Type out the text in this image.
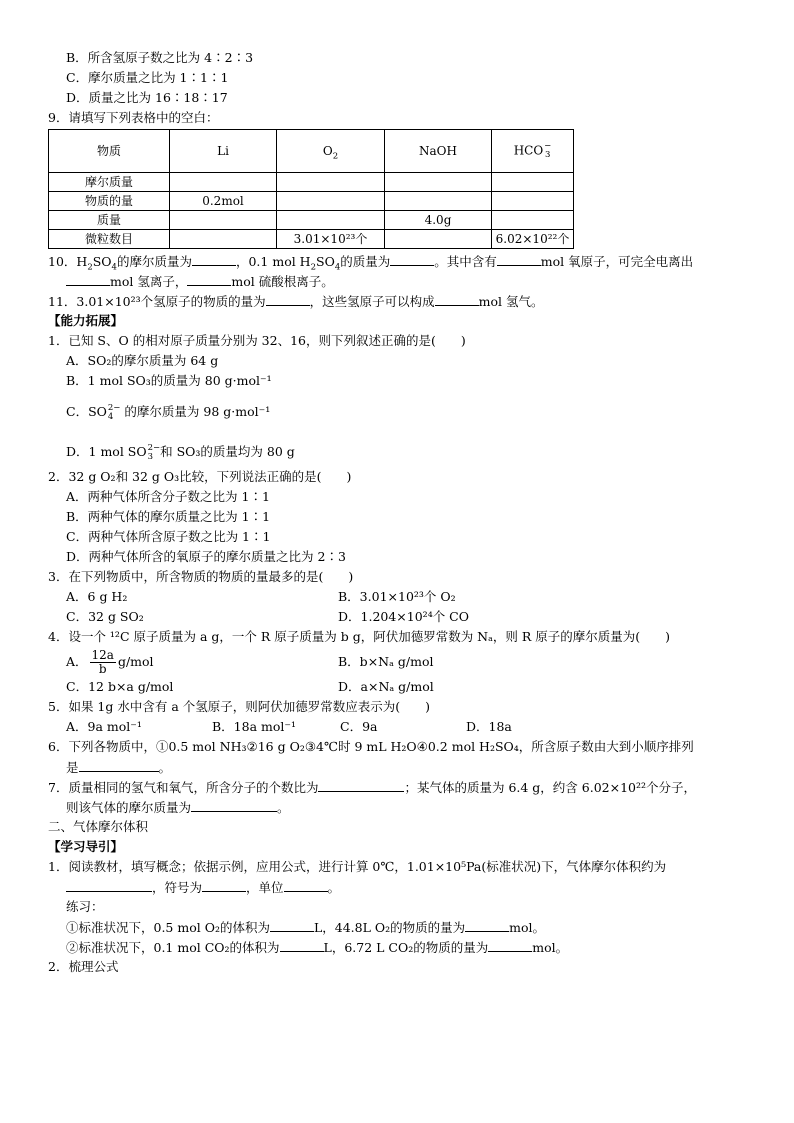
B．所含氢原子数之比为 4∶2∶3
C．摩尔质量之比为 1∶1∶1
D．质量之比为 16∶18∶17
9．请填写下列表格中的空白：
物质	Li	$O_2$	NaOH	HCO −
3

摩尔质量				
物质的量	0.2mol			
质量			4.0g	
微粒数目		3.01×10²³个		6.02×10²²个
10．$H_2SO_4$的摩尔质量为	，0.1 mol $H_2SO_4$的质量为	。其中含有	mol 氧原子，可完全电离出
mol 氢离子，	mol 硫酸根离子。
11．3.01×10²³个氢原子的物质的量为	，这些氢原子可以构成	mol 氢气。
【能力拓展】
1．已知 S、O 的相对原子质量分别为 32、16，则下列叙述正确的是(　　)
A．SO₂的摩尔质量为 64 g
B．1 mol SO₃的质量为 80 g·mol⁻¹
C．SO 2−
4 的摩尔质量为 98 g·mol⁻¹
D．1 mol SO 2−
3 和 SO₃的质量均为 80 g
2．32 g O₂和 32 g O₃比较，下列说法正确的是(　　)
A．两种气体所含分子数之比为 1∶1
B．两种气体的摩尔质量之比为 1∶1
C．两种气体所含原子数之比为 1∶1
D．两种气体所含的氧原子的摩尔质量之比为 2∶3
3．在下列物质中，所含物质的物质的量最多的是(　　)
A．6 g H₂	B．3.01×10²³个 O₂
C．32 g SO₂	D．1.204×10²⁴个 CO
4．设一个 ¹²C 原子质量为 a g，一个 R 原子质量为 b g，阿伏加德罗常数为 Nₐ，则 R 原子的摩尔质量为(　　)
A． $\frac{12a}{b} g/mol$	B．b×Nₐ g/mol
C．12 b×a g/mol	D．a×Nₐ g/mol
5．如果 1g 水中含有 a 个氢原子，则阿伏加德罗常数应表示为(　　)
A．9a mol⁻¹	B．18a mol⁻¹	C．9a	D．18a
6．下列各物质中，①0.5 mol NH₃②16 g O₂③4℃时 9 mL H₂O④0.2 mol H₂SO₄，所含原子数由大到小顺序排列
是	。
7．质量相同的氢气和氧气，所含分子的个数比为	；某气体的质量为 6.4 g，约含 6.02×10²²个分子，
则该气体的摩尔质量为	。
二、气体摩尔体积
【学习导引】
1．阅读教材，填写概念；依据示例，应用公式，进行计算 0℃，1.01×10⁵Pa(标准状况)下，气体摩尔体积约为
，符号为	，单位	。
练习：
①标准状况下，0.5 mol O₂的体积为	L，44.8L O₂的物质的量为	mol。
②标准状况下，0.1 mol CO₂的体积为	L，6.72 L CO₂的物质的量为	mol。
2．梳理公式
